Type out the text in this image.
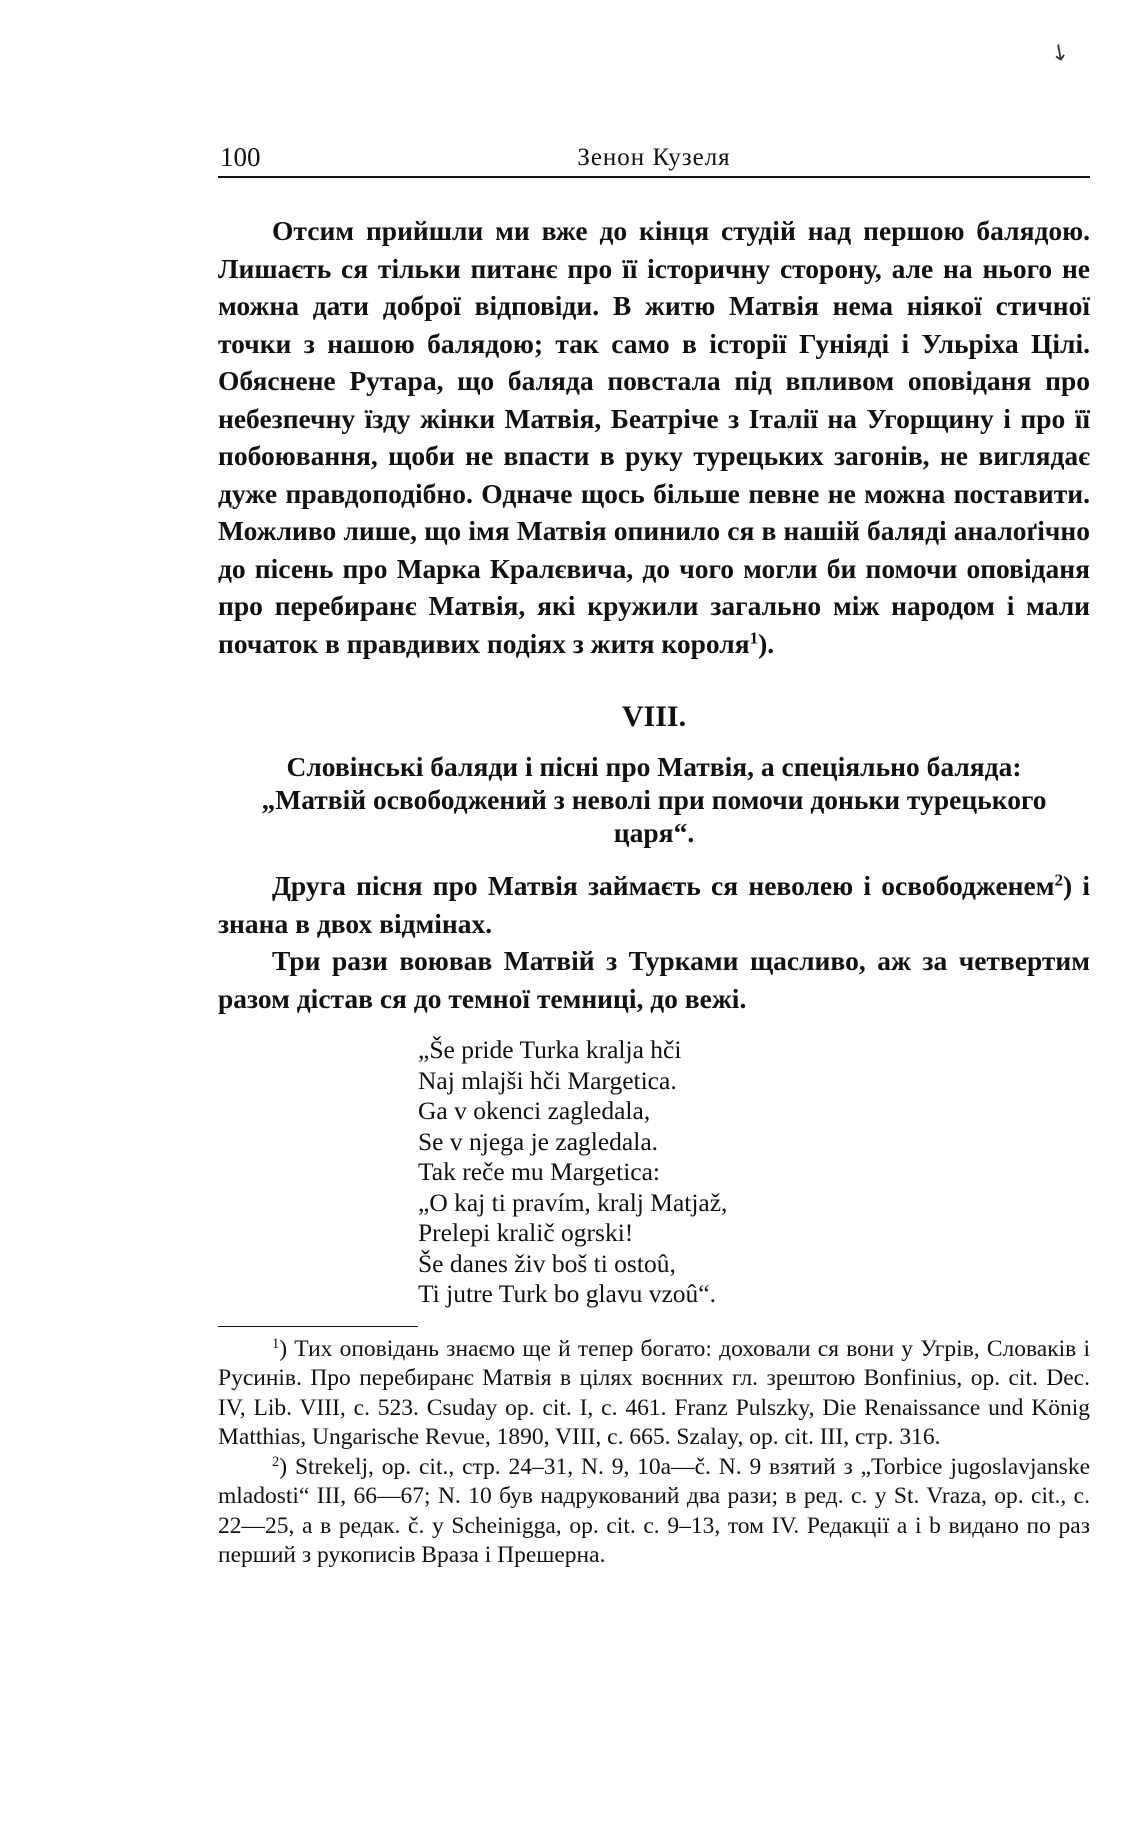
↘
100	Зенон Кузеля

Отсим прийшли ми вже до кінця студій над першою балядою. Лишаєть ся тільки питанє про її історичну сторону, але на нього не можна дати доброї відповіди. В житю Матвія нема ніякої стичної точки з нашою балядою; так само в історії Гуніяді і Ульріха Цілі. Обяснене Рутара, що баляда повстала під впливом оповіданя про небезпечну їзду жінки Матвія, Беатріче з Італії на Угорщину і про її побоювання, щоби не впасти в руку турецьких загонів, не виглядає дуже правдоподібно. Одначе щось більше певне не можна поставити. Можливо лише, що імя Матвія опинило ся в нашій баляді аналоґічно до пісень про Марка Кралєвича, до чого могли би помочи оповіданя про перебиранє Матвія, які кружили загально між народом і мали початок в правдивих подіях з житя короля$^1$).

VIII.
Словінські баляди і пісні про Матвія, а спеціяльно баляда: „Матвій освободжений з неволі при помочи доньки турецького царя“.

Друга пісня про Матвія займаєть ся неволею і освободженем$^2$) і знана в двох відмінах.

Три рази воював Матвій з Турками щасливо, аж за четвертим разом дістав ся до темної темниці, до вежі.

„Še pride Turka kralja hči
Naj mlajši hči Margetica.
Ga v okenci zagledala,
Se v njega je zagledala.
Tak reče mu Margetica:
„O kaj ti pravím, kralj Matjaž,
Prelepi kralič ogrski!
Še danes živ boš ti ostoû,
Ti jutre Turk bo glavu vzoû“.

$^1$) Тих оповідань знаємо ще й тепер богато: доховали ся вони у Угрів, Словаків і Русинів. Про перебиранє Матвія в цілях воєнних гл. зрештою Bonfinius, op. cit. Dec. IV, Lib. VIII, c. 523. Csuday op. cit. I, c. 461. Franz Pulszky, Die Renaissance und König Matthias, Ungarische Revue, 1890, VIII, c. 665. Szalay, op. cit. III, стр. 316.

$^2$) Strekelj, op. cit., стр. 24–31, N. 9, 10a—č. N. 9 взятий з „Torbice jugoslavjanske mladosti“ III, 66—67; N. 10 був надрукований два рази; в ред. c. у St. Vraza, op. cit., с. 22—25, а в редак. č. у Scheinigga, op. cit. c. 9–13, том IV. Редакції a i b видано по раз перший з рукописів Враза і Прешерна.
